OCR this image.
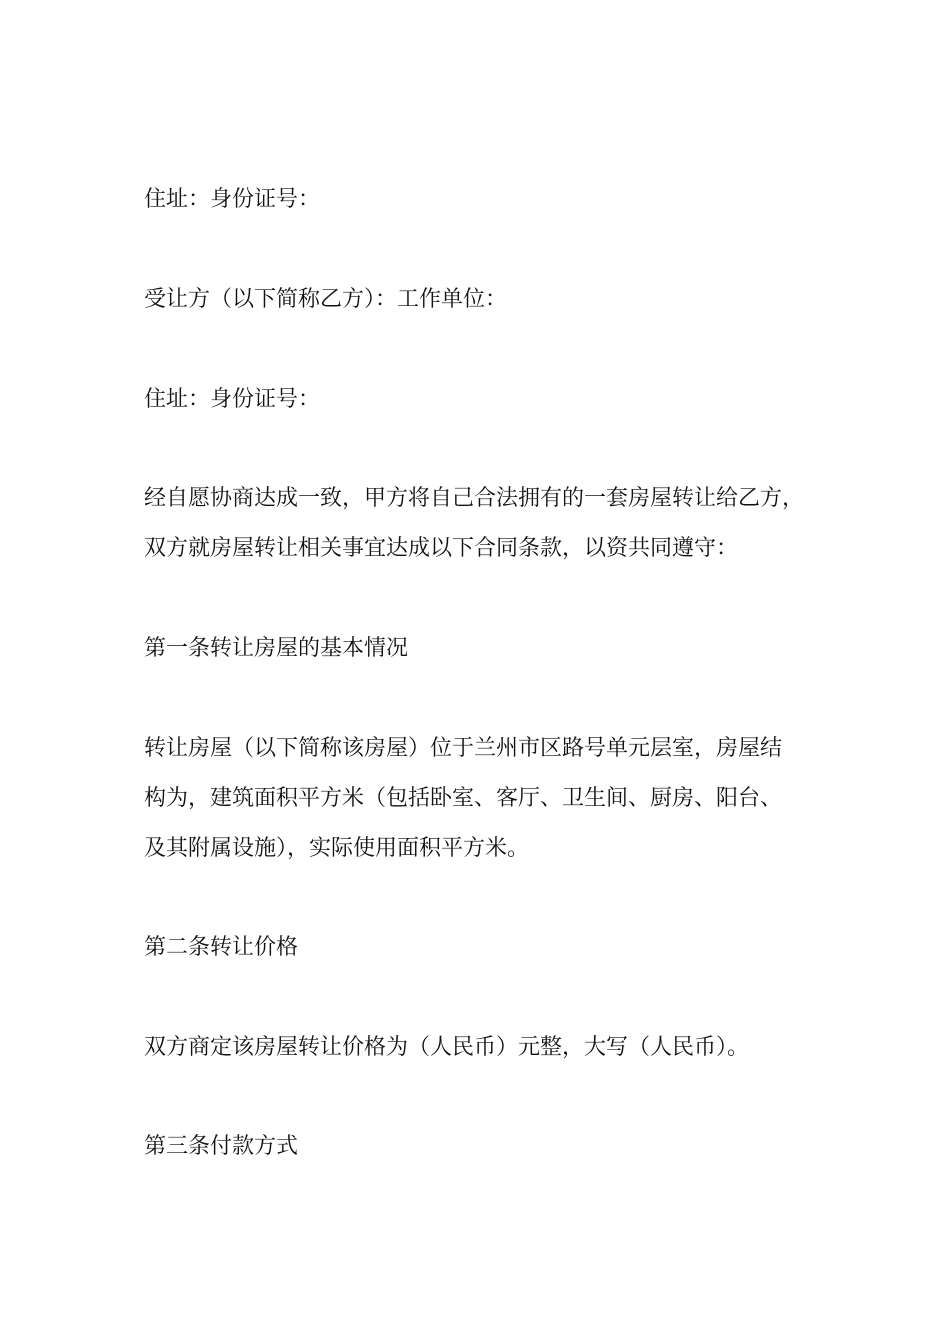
住址：身份证号：
受让方（以下简称乙方）：工作单位：
住址：身份证号：
经自愿协商达成一致，甲方将自己合法拥有的一套房屋转让给乙方，
双方就房屋转让相关事宜达成以下合同条款，以资共同遵守：
第一条转让房屋的基本情况
转让房屋（以下简称该房屋）位于兰州市区路号单元层室，房屋结
构为，建筑面积平方米（包括卧室、客厅、卫生间、厨房、阳台、
及其附属设施），实际使用面积平方米。
第二条转让价格
双方商定该房屋转让价格为（人民币）元整，大写（人民币）。
第三条付款方式
